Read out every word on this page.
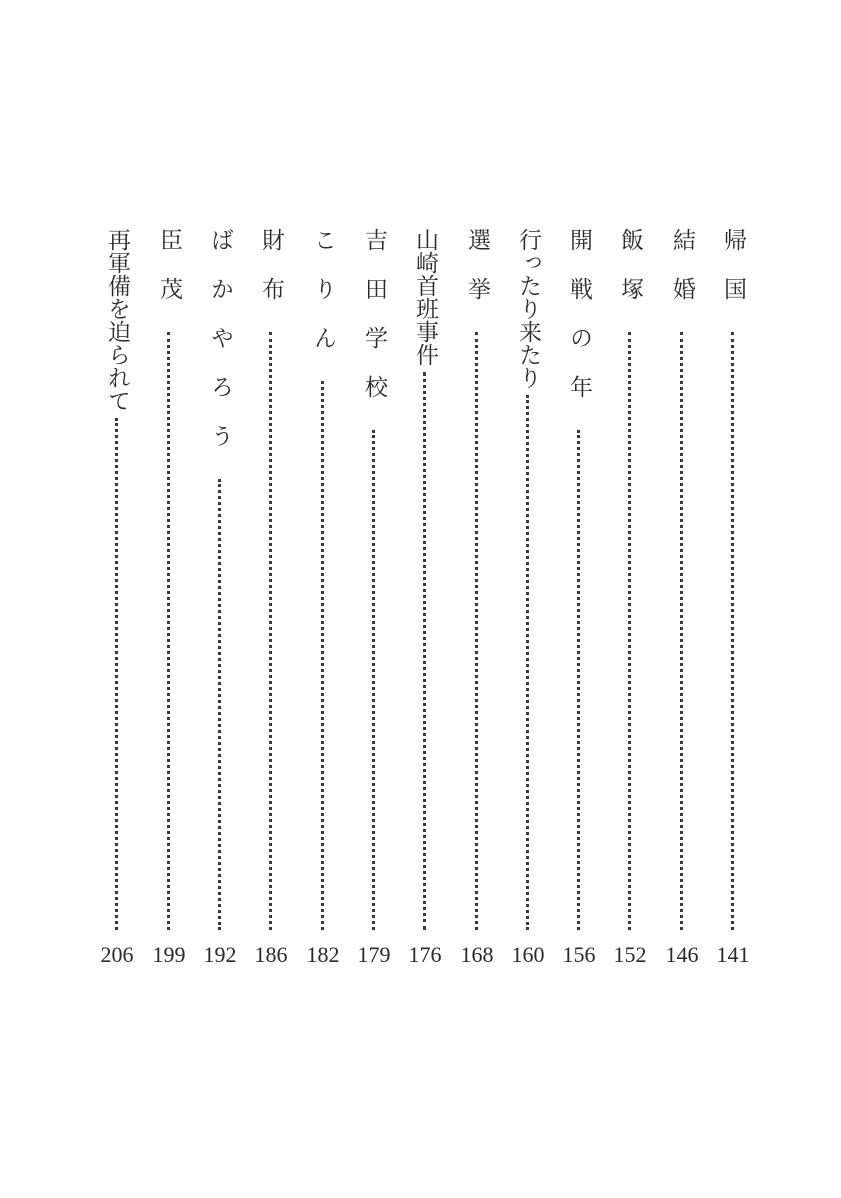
帰国
141
結婚
146
飯塚
152
開戦の年
156
行ったり来たり
160
選挙
168
山崎首班事件
176
吉田学校
179
こりん
182
財布
186
ばかやろう
192
臣茂
199
再軍備を迫られて
206
